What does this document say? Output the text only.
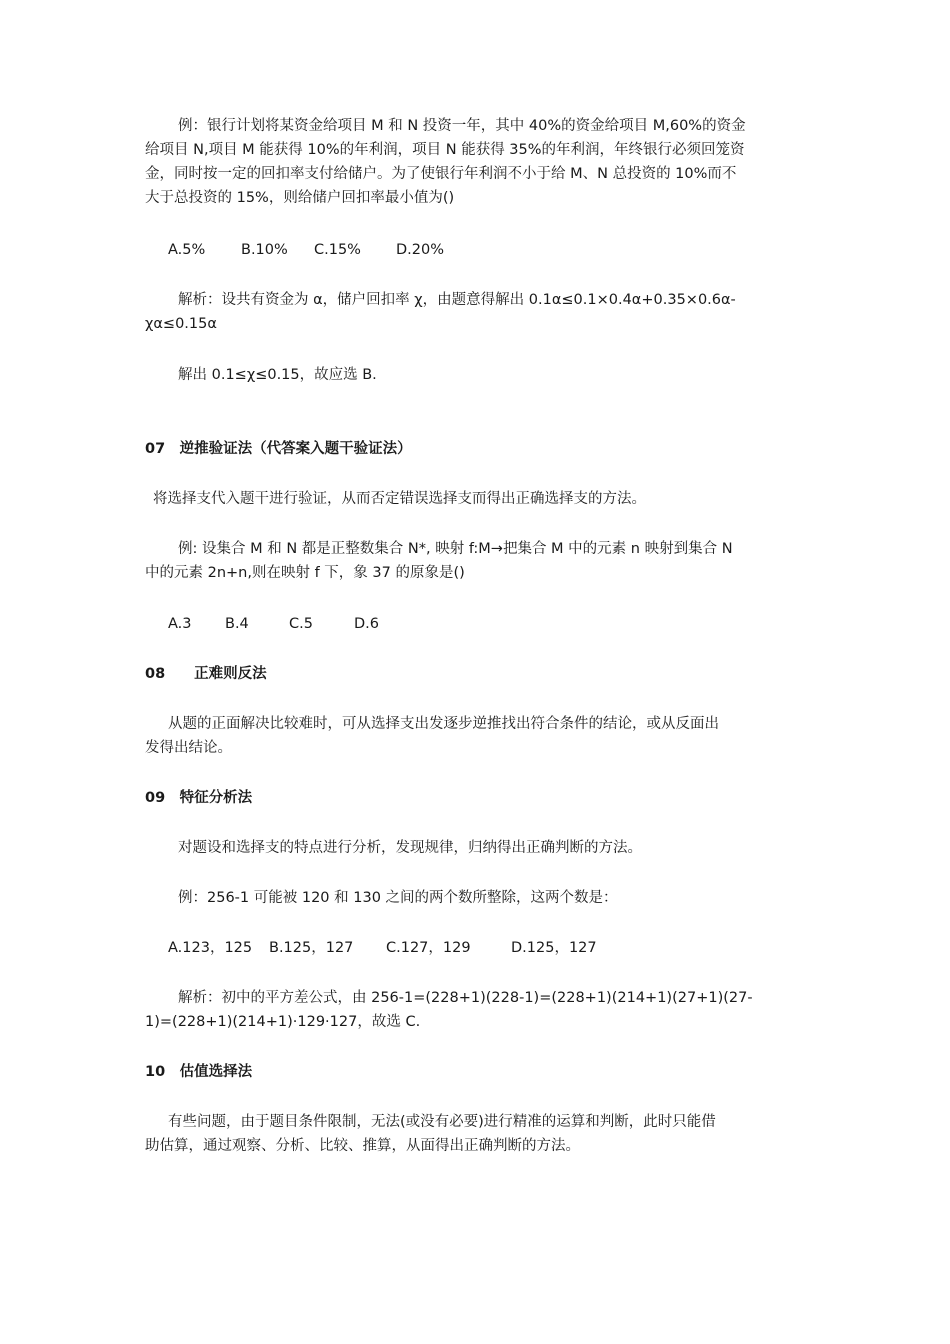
例：银行计划将某资金给项目 M 和 N 投资一年，其中 40%的资金给项目 M,60%的资金
给项目 N,项目 M 能获得 10%的年利润，项目 N 能获得 35%的年利润，年终银行必须回笼资
金，同时按一定的回扣率支付给储户。为了使银行年利润不小于给 M、N 总投资的 10%而不
大于总投资的 15%，则给储户回扣率最小值为()
A.5% B.10% C.15% D.20%
解析：设共有资金为 α，储户回扣率 χ，由题意得解出 0.1α≤0.1×0.4α+0.35×0.6α-
χα≤0.15α
解出 0.1≤χ≤0.15，故应选 B.
07　逆推验证法（代答案入题干验证法）
将选择支代入题干进行验证，从而否定错误选择支而得出正确选择支的方法。
例: 设集合 M 和 N 都是正整数集合 N*, 映射 f:M→把集合 M 中的元素 n 映射到集合 N
中的元素 2n+n,则在映射 f 下，象 37 的原象是()
A.3 B.4	C.5	D.6
08　　正难则反法
从题的正面解决比较难时，可从选择支出发逐步逆推找出符合条件的结论，或从反面出
发得出结论。
09　特征分析法
对题设和选择支的特点进行分析，发现规律，归纳得出正确判断的方法。
例：256-1 可能被 120 和 130 之间的两个数所整除，这两个数是：
A.123，125 B.125，127 C.127，129	D.125，127
解析：初中的平方差公式，由 256-1=(228+1)(228-1)=(228+1)(214+1)(27+1)(27-
1)=(228+1)(214+1)·129·127，故选 C.
10　估值选择法
有些问题，由于题目条件限制，无法(或没有必要)进行精准的运算和判断，此时只能借
助估算，通过观察、分析、比较、推算，从面得出正确判断的方法。
